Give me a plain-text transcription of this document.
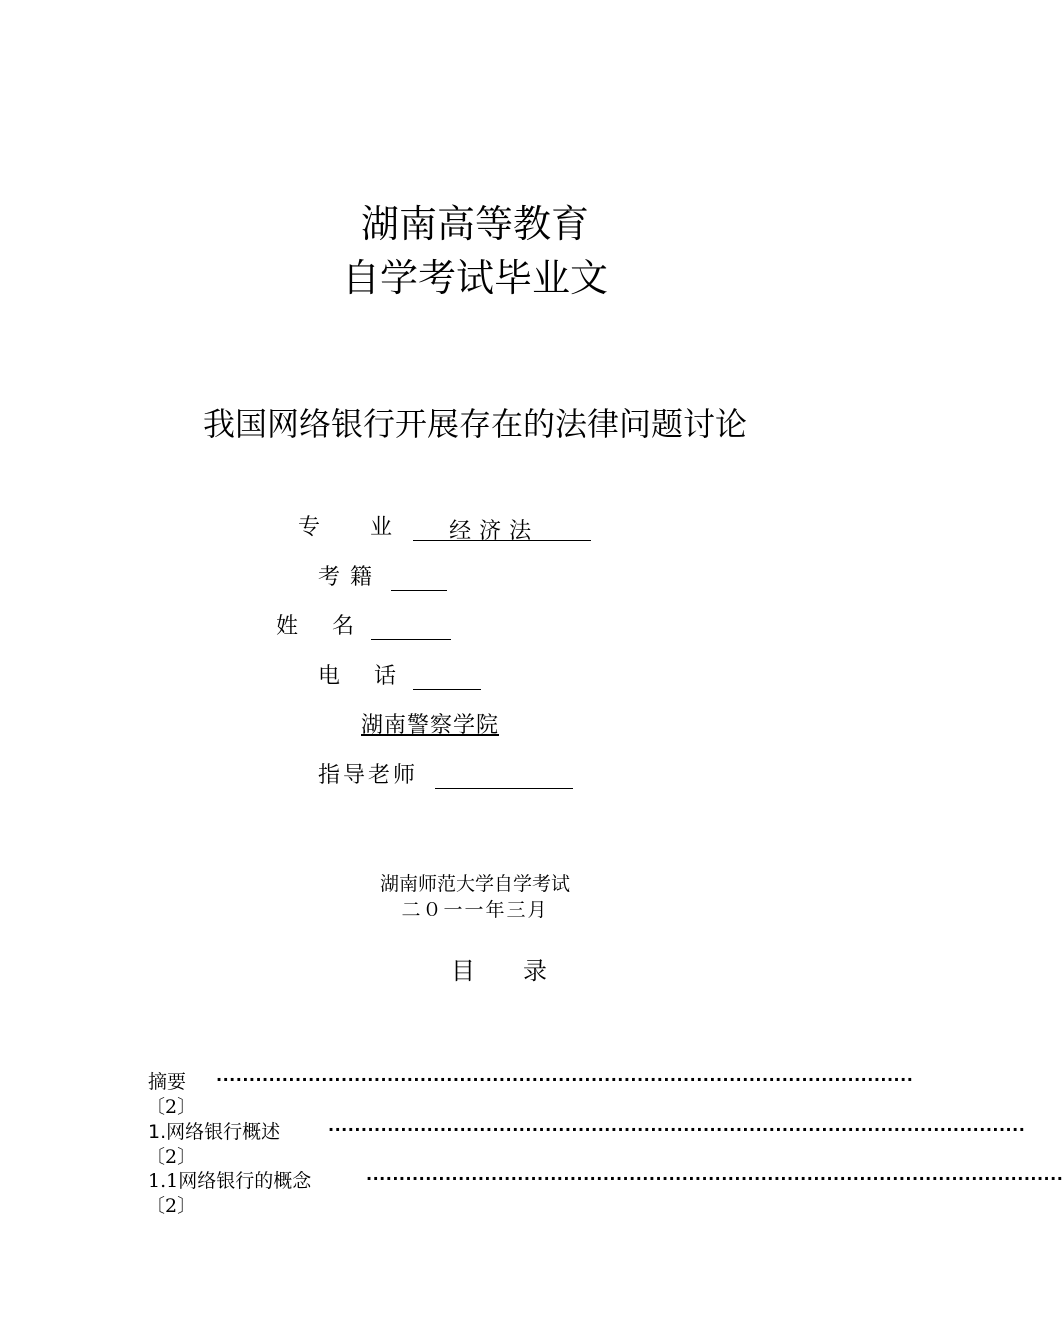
湖南高等教育
自学考试毕业文
我国网络银行开展存在的法律问题讨论
专　业 经济法
考籍
姓　名
电　话
湖南警察学院
指导老师
湖南师范大学自学考试
二０一一年三月
目录
摘要 ··········································································································
〔2〕
1.网络银行概述	··········································································································
〔2〕
1.1网络银行的概念	··········································································································
〔2〕
